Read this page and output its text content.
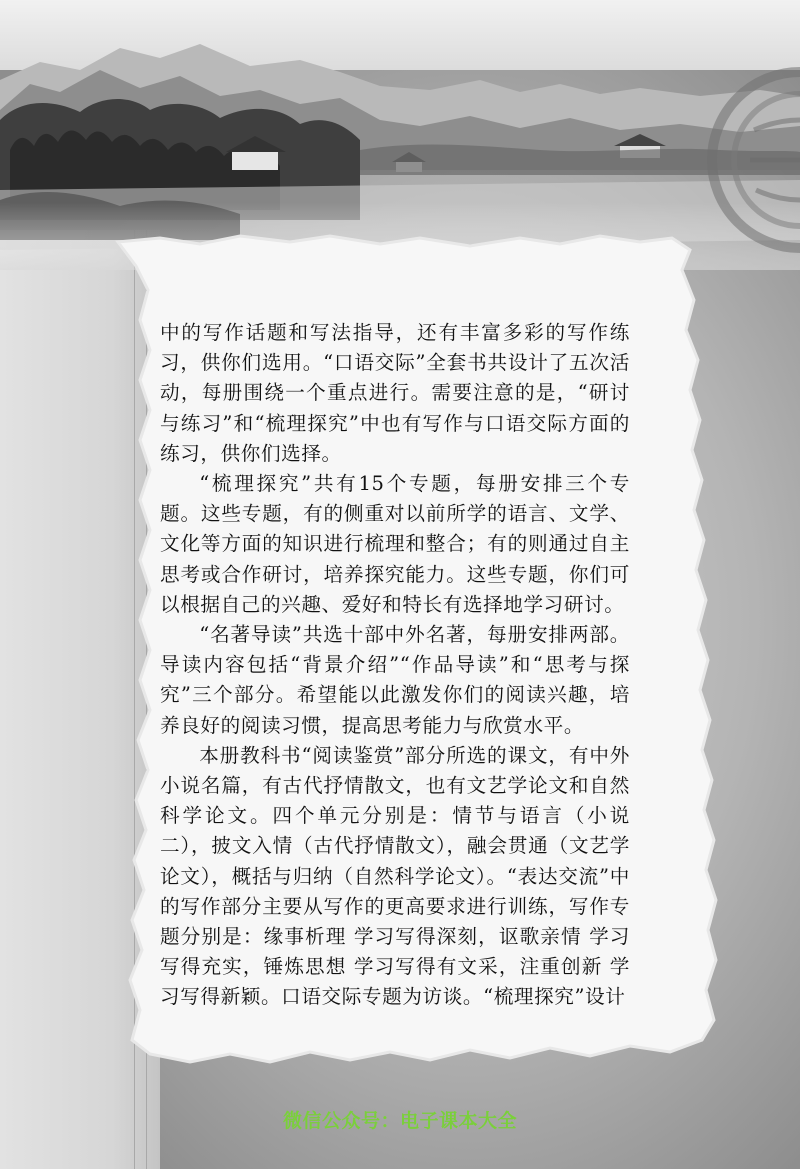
中的写作话题和写法指导，还有丰富多彩的写作练习，供你们选用。“口语交际”全套书共设计了五次活动，每册围绕一个重点进行。需要注意的是，“研讨与练习”和“梳理探究”中也有写作与口语交际方面的练习，供你们选择。

“梳理探究”共有15个专题，每册安排三个专题。这些专题，有的侧重对以前所学的语言、文学、文化等方面的知识进行梳理和整合；有的则通过自主思考或合作研讨，培养探究能力。这些专题，你们可以根据自己的兴趣、爱好和特长有选择地学习研讨。

“名著导读”共选十部中外名著，每册安排两部。导读内容包括“背景介绍”“作品导读”和“思考与探究”三个部分。希望能以此激发你们的阅读兴趣，培养良好的阅读习惯，提高思考能力与欣赏水平。

本册教科书“阅读鉴赏”部分所选的课文，有中外小说名篇，有古代抒情散文，也有文艺学论文和自然科学论文。四个单元分别是：情节与语言（小说二），披文入情（古代抒情散文），融会贯通（文艺学论文），概括与归纳（自然科学论文）。“表达交流”中的写作部分主要从写作的更高要求进行训练，写作专题分别是：缘事析理 学习写得深刻，讴歌亲情 学习写得充实，锤炼思想 学习写得有文采，注重创新 学习写得新颖。口语交际专题为访谈。“梳理探究”设计

微信公众号：电子课本大全
